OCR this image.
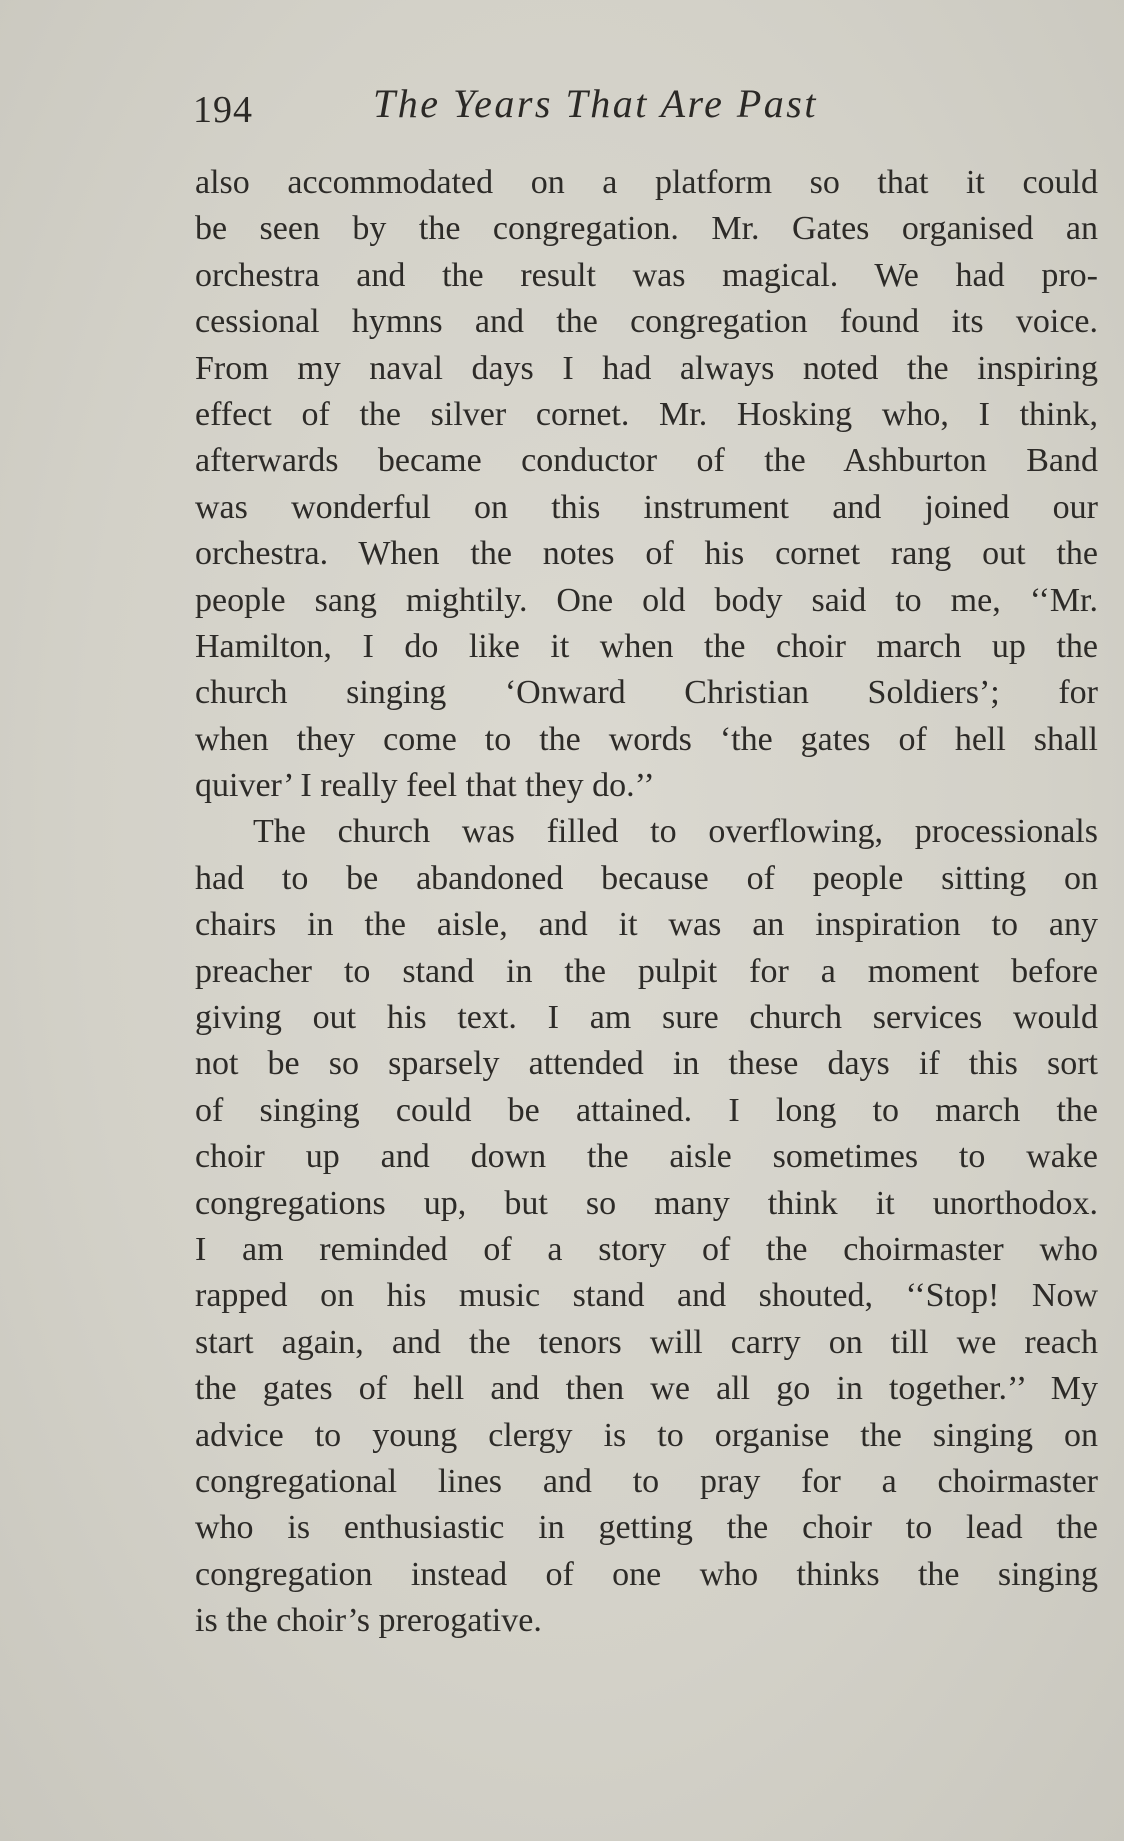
194	The Years That Are Past
also accommodated on a platform so that it could
be seen by the congregation. Mr. Gates organised an
orchestra and the result was magical. We had pro-
cessional hymns and the congregation found its voice.
From my naval days I had always noted the inspiring
effect of the silver cornet. Mr. Hosking who, I think,
afterwards became conductor of the Ashburton Band
was wonderful on this instrument and joined our
orchestra. When the notes of his cornet rang out the
people sang mightily. One old body said to me, ‘‘Mr.
Hamilton, I do like it when the choir march up the
church singing ‘Onward Christian Soldiers’; for
when they come to the words ‘the gates of hell shall
quiver’ I really feel that they do.’’
The church was filled to overflowing, processionals
had to be abandoned because of people sitting on
chairs in the aisle, and it was an inspiration to any
preacher to stand in the pulpit for a moment before
giving out his text. I am sure church services would
not be so sparsely attended in these days if this sort
of singing could be attained. I long to march the
choir up and down the aisle sometimes to wake
congregations up, but so many think it unorthodox.
I am reminded of a story of the choirmaster who
rapped on his music stand and shouted, ‘‘Stop! Now
start again, and the tenors will carry on till we reach
the gates of hell and then we all go in together.’’ My
advice to young clergy is to organise the singing on
congregational lines and to pray for a choirmaster
who is enthusiastic in getting the choir to lead the
congregation instead of one who thinks the singing
is the choir’s prerogative.
